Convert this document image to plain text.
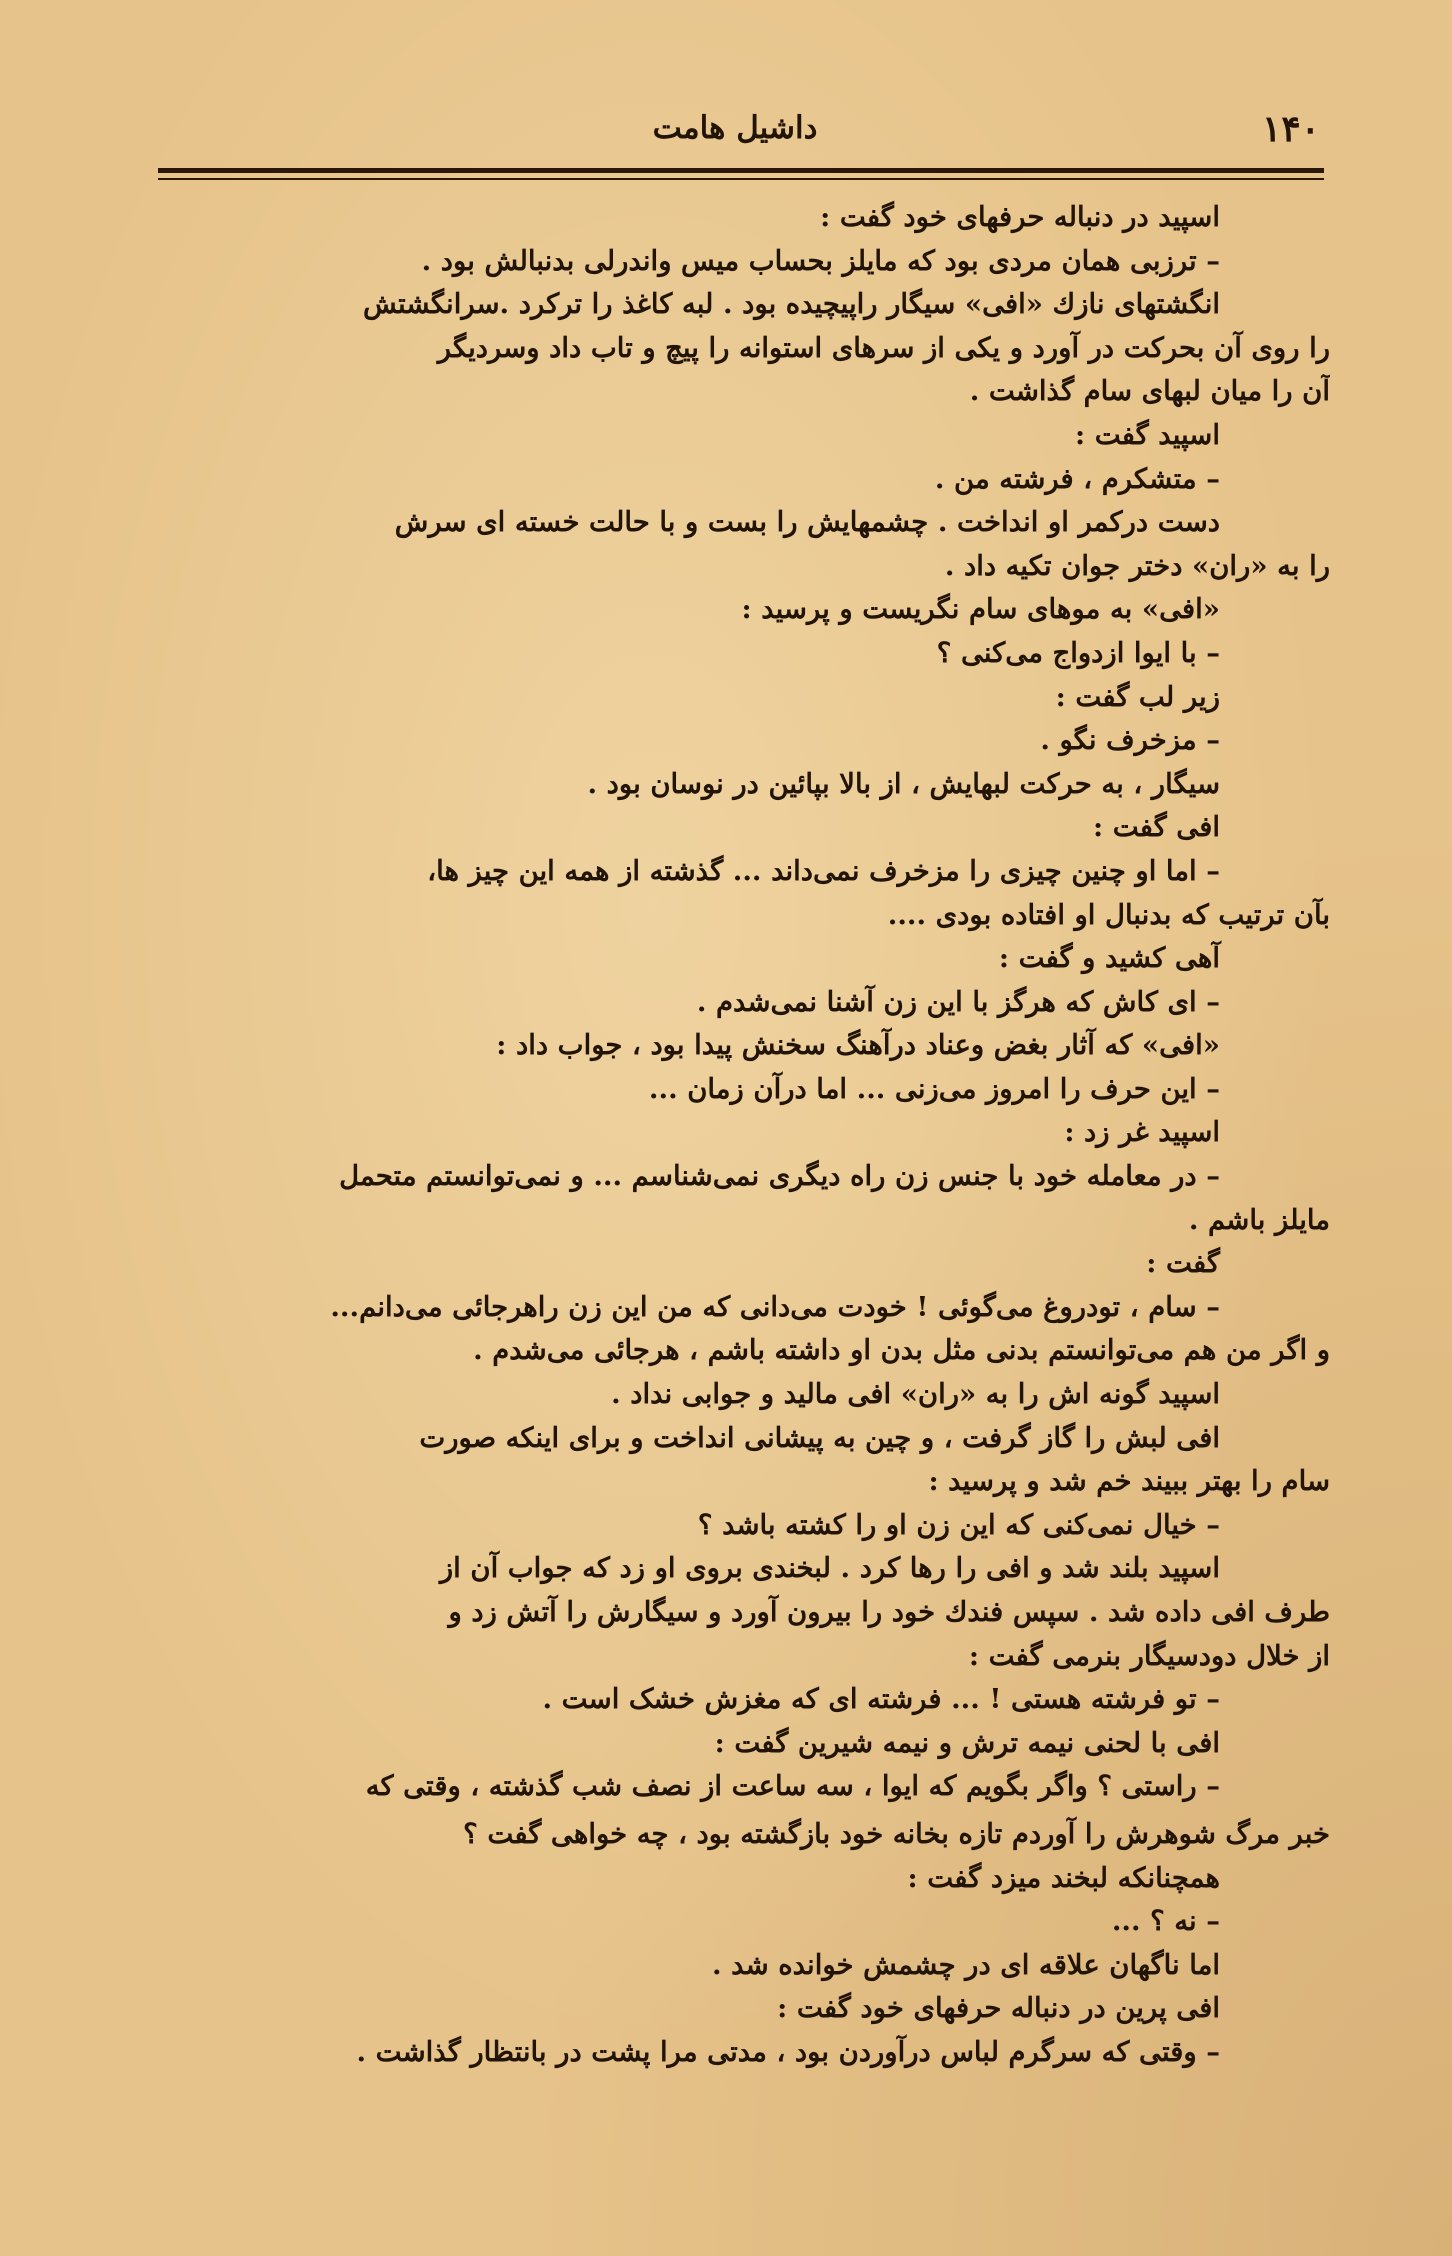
۱۴۰
داشیل هامت
اسپید در دنباله حرفهای خود گفت :
– ترزبی همان مردی بود که مایلز بحساب میس واندرلی بدنبالش بود .
انگشتهای نازك «افی» سیگار راپیچیده بود . لبه کاغذ را ترکرد .سرانگشتش
را روی آن بحرکت در آورد و یکی از سرهای استوانه را پیچ و تاب داد وسردیگر
آن را میان لبهای سام گذاشت .
اسپید گفت :
– متشکرم ، فرشته من .
دست درکمر او انداخت . چشمهایش را بست و با حالت خسته ای سرش
را به «ران» دختر جوان تکیه داد .
«افی» به موهای سام نگریست و پرسید :
– با ایوا ازدواج می‌کنی ؟
زیر لب گفت :
– مزخرف نگو .
سیگار ، به حرکت لبهایش ، از بالا بپائین در نوسان بود .
افی گفت :
– اما او چنین چیزی را مزخرف نمی‌داند ... گذشته از همه این چیز ها،
بآن ترتیب که بدنبال او افتاده بودی ....
آهی کشید و گفت :
– ای کاش که هرگز با این زن آشنا نمی‌شدم .
«افی» که آثار بغض وعناد درآهنگ سخنش پیدا بود ، جواب داد :
– این حرف را امروز می‌زنی ... اما درآن زمان ...
اسپید غر زد :
– در معامله خود با جنس زن راه دیگری نمی‌شناسم ... و نمی‌توانستم متحمل
مایلز باشم .
گفت :
– سام ، تودروغ می‌گوئی ! خودت می‌دانی که من این زن راهرجائی می‌دانم...
و اگر من هم می‌توانستم بدنی مثل بدن او داشته باشم ، هرجائی می‌شدم .
اسپید گونه اش را به «ران» افی مالید و جوابی نداد .
افی لبش را گاز گرفت ، و چین به پیشانی انداخت و برای اینکه صورت
سام را بهتر ببیند خم شد و پرسید :
– خیال نمی‌کنی که این زن او را کشته باشد ؟
اسپید بلند شد و افی را رها کرد . لبخندی بروی او زد که جواب آن از
طرف افی داده شد . سپس فندك خود را بیرون آورد و سیگارش را آتش زد و
از خلال دودسیگار بنرمی گفت :
– تو فرشته هستی ! ... فرشته ای که مغزش خشک است .
افی با لحنی نیمه ترش و نیمه شیرین گفت :
– راستی ؟ واگر بگویم که ایوا ، سه ساعت از نصف شب گذشته ، وقتی که
خبر مرگ شوهرش را آوردم تازه بخانه خود بازگشته بود ، چه خواهی گفت ؟
همچنانکه لبخند میزد گفت :
– نه ؟ ...
اما ناگهان علاقه ای در چشمش خوانده شد .
افی پرین در دنباله حرفهای خود گفت :
– وقتی که سرگرم لباس درآوردن بود ، مدتی مرا پشت در بانتظار گذاشت .
